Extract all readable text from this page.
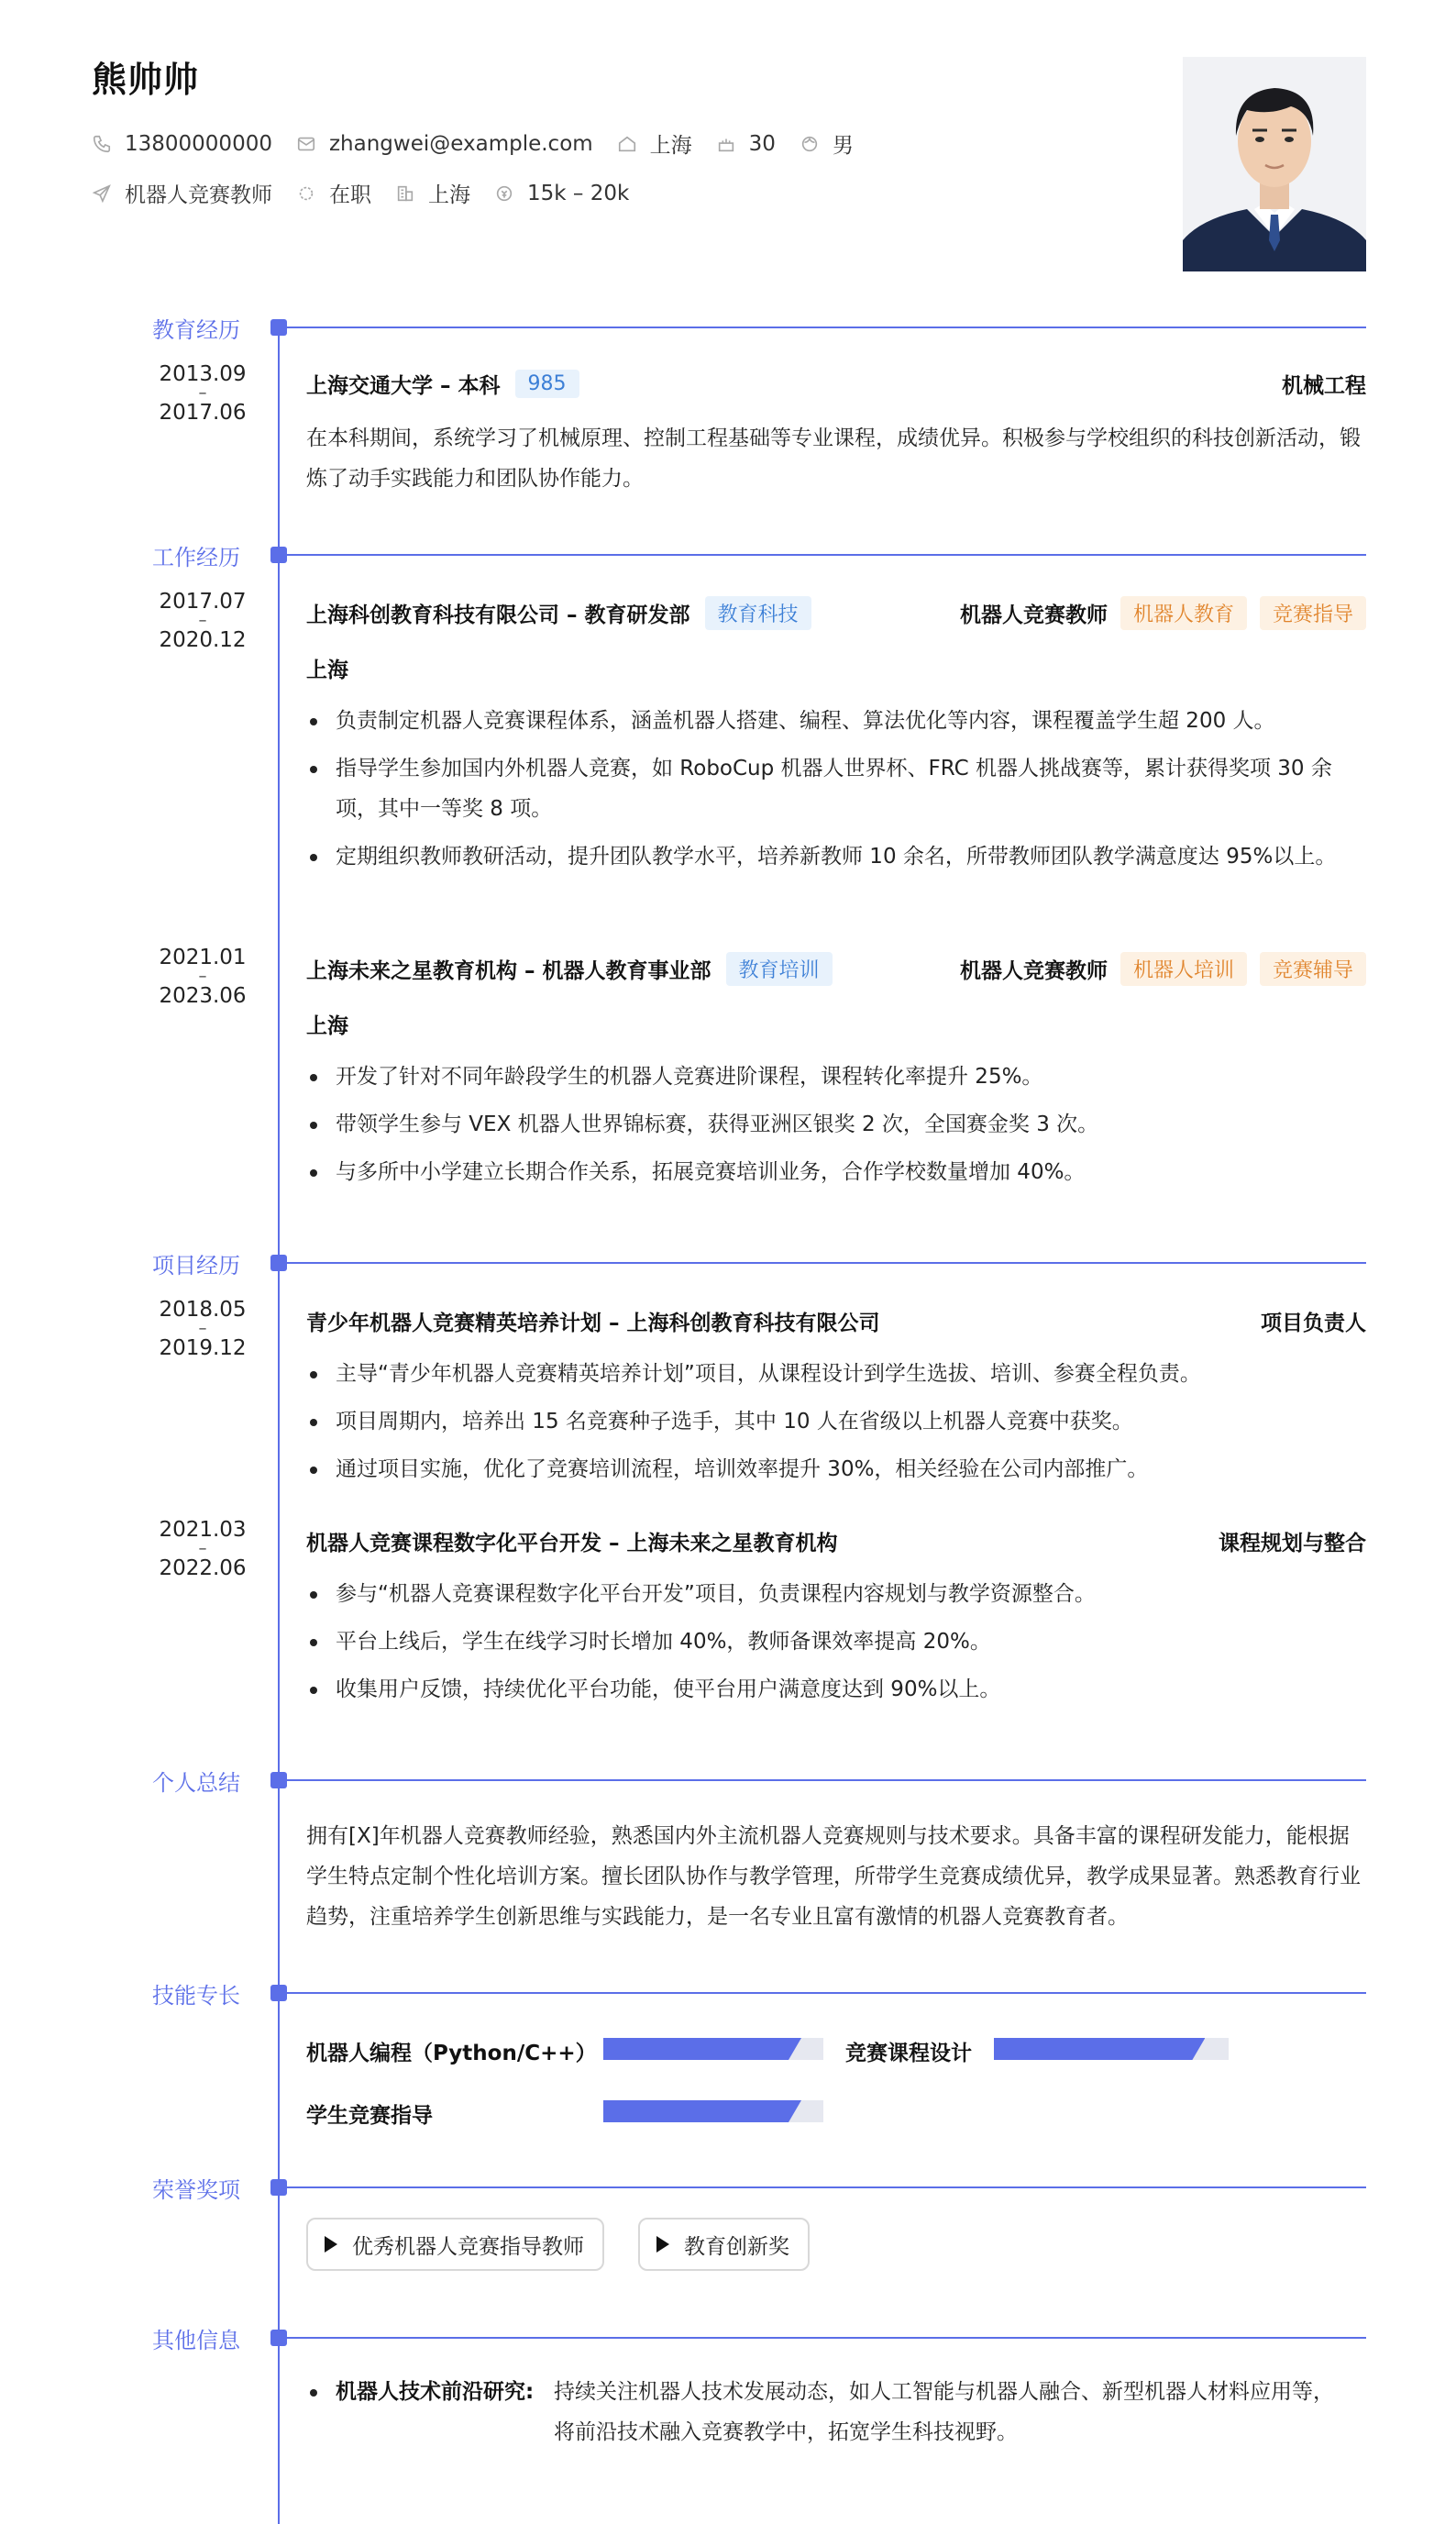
熊帅帅
13800000000	zhangwei@example.com	上海	30	男
机器人竞赛教师	在职	上海	15k – 20k
教育经历
2013.09
–
2017.06
上海交通大学 – 本科	985	机械工程
在本科期间，系统学习了机械原理、控制工程基础等专业课程，成绩优异。积极参与学校组织的科技创新活动，锻炼了动手实践能力和团队协作能力。
工作经历
2017.07
–
2020.12
上海科创教育科技有限公司 – 教育研发部	教育科技	机器人竞赛教师	机器人教育	竞赛指导
上海
负责制定机器人竞赛课程体系，涵盖机器人搭建、编程、算法优化等内容，课程覆盖学生超 200 人。
指导学生参加国内外机器人竞赛，如 RoboCup 机器人世界杯、FRC 机器人挑战赛等，累计获得奖项 30 余项，其中一等奖 8 项。
定期组织教师教研活动，提升团队教学水平，培养新教师 10 余名，所带教师团队教学满意度达 95%以上。
2021.01
–
2023.06
上海未来之星教育机构 – 机器人教育事业部	教育培训	机器人竞赛教师	机器人培训	竞赛辅导
上海
开发了针对不同年龄段学生的机器人竞赛进阶课程，课程转化率提升 25%。
带领学生参与 VEX 机器人世界锦标赛，获得亚洲区银奖 2 次，全国赛金奖 3 次。
与多所中小学建立长期合作关系，拓展竞赛培训业务，合作学校数量增加 40%。
项目经历
2018.05
–
2019.12
青少年机器人竞赛精英培养计划 – 上海科创教育科技有限公司	项目负责人
主导“青少年机器人竞赛精英培养计划”项目，从课程设计到学生选拔、培训、参赛全程负责。
项目周期内，培养出 15 名竞赛种子选手，其中 10 人在省级以上机器人竞赛中获奖。
通过项目实施，优化了竞赛培训流程，培训效率提升 30%，相关经验在公司内部推广。
2021.03
–
2022.06
机器人竞赛课程数字化平台开发 – 上海未来之星教育机构	课程规划与整合
参与“机器人竞赛课程数字化平台开发”项目，负责课程内容规划与教学资源整合。
平台上线后，学生在线学习时长增加 40%，教师备课效率提高 20%。
收集用户反馈，持续优化平台功能，使平台用户满意度达到 90%以上。
个人总结
拥有[X]年机器人竞赛教师经验，熟悉国内外主流机器人竞赛规则与技术要求。具备丰富的课程研发能力，能根据学生特点定制个性化培训方案。擅长团队协作与教学管理，所带学生竞赛成绩优异，教学成果显著。熟悉教育行业趋势，注重培养学生创新思维与实践能力，是一名专业且富有激情的机器人竞赛教育者。
技能专长
机器人编程（Python/C++）	竞赛课程设计
学生竞赛指导
荣誉奖项
优秀机器人竞赛指导教师	教育创新奖
其他信息
机器人技术前沿研究: 持续关注机器人技术发展动态，如人工智能与机器人融合、新型机器人材料应用等，将前沿技术融入竞赛教学中，拓宽学生科技视野。
